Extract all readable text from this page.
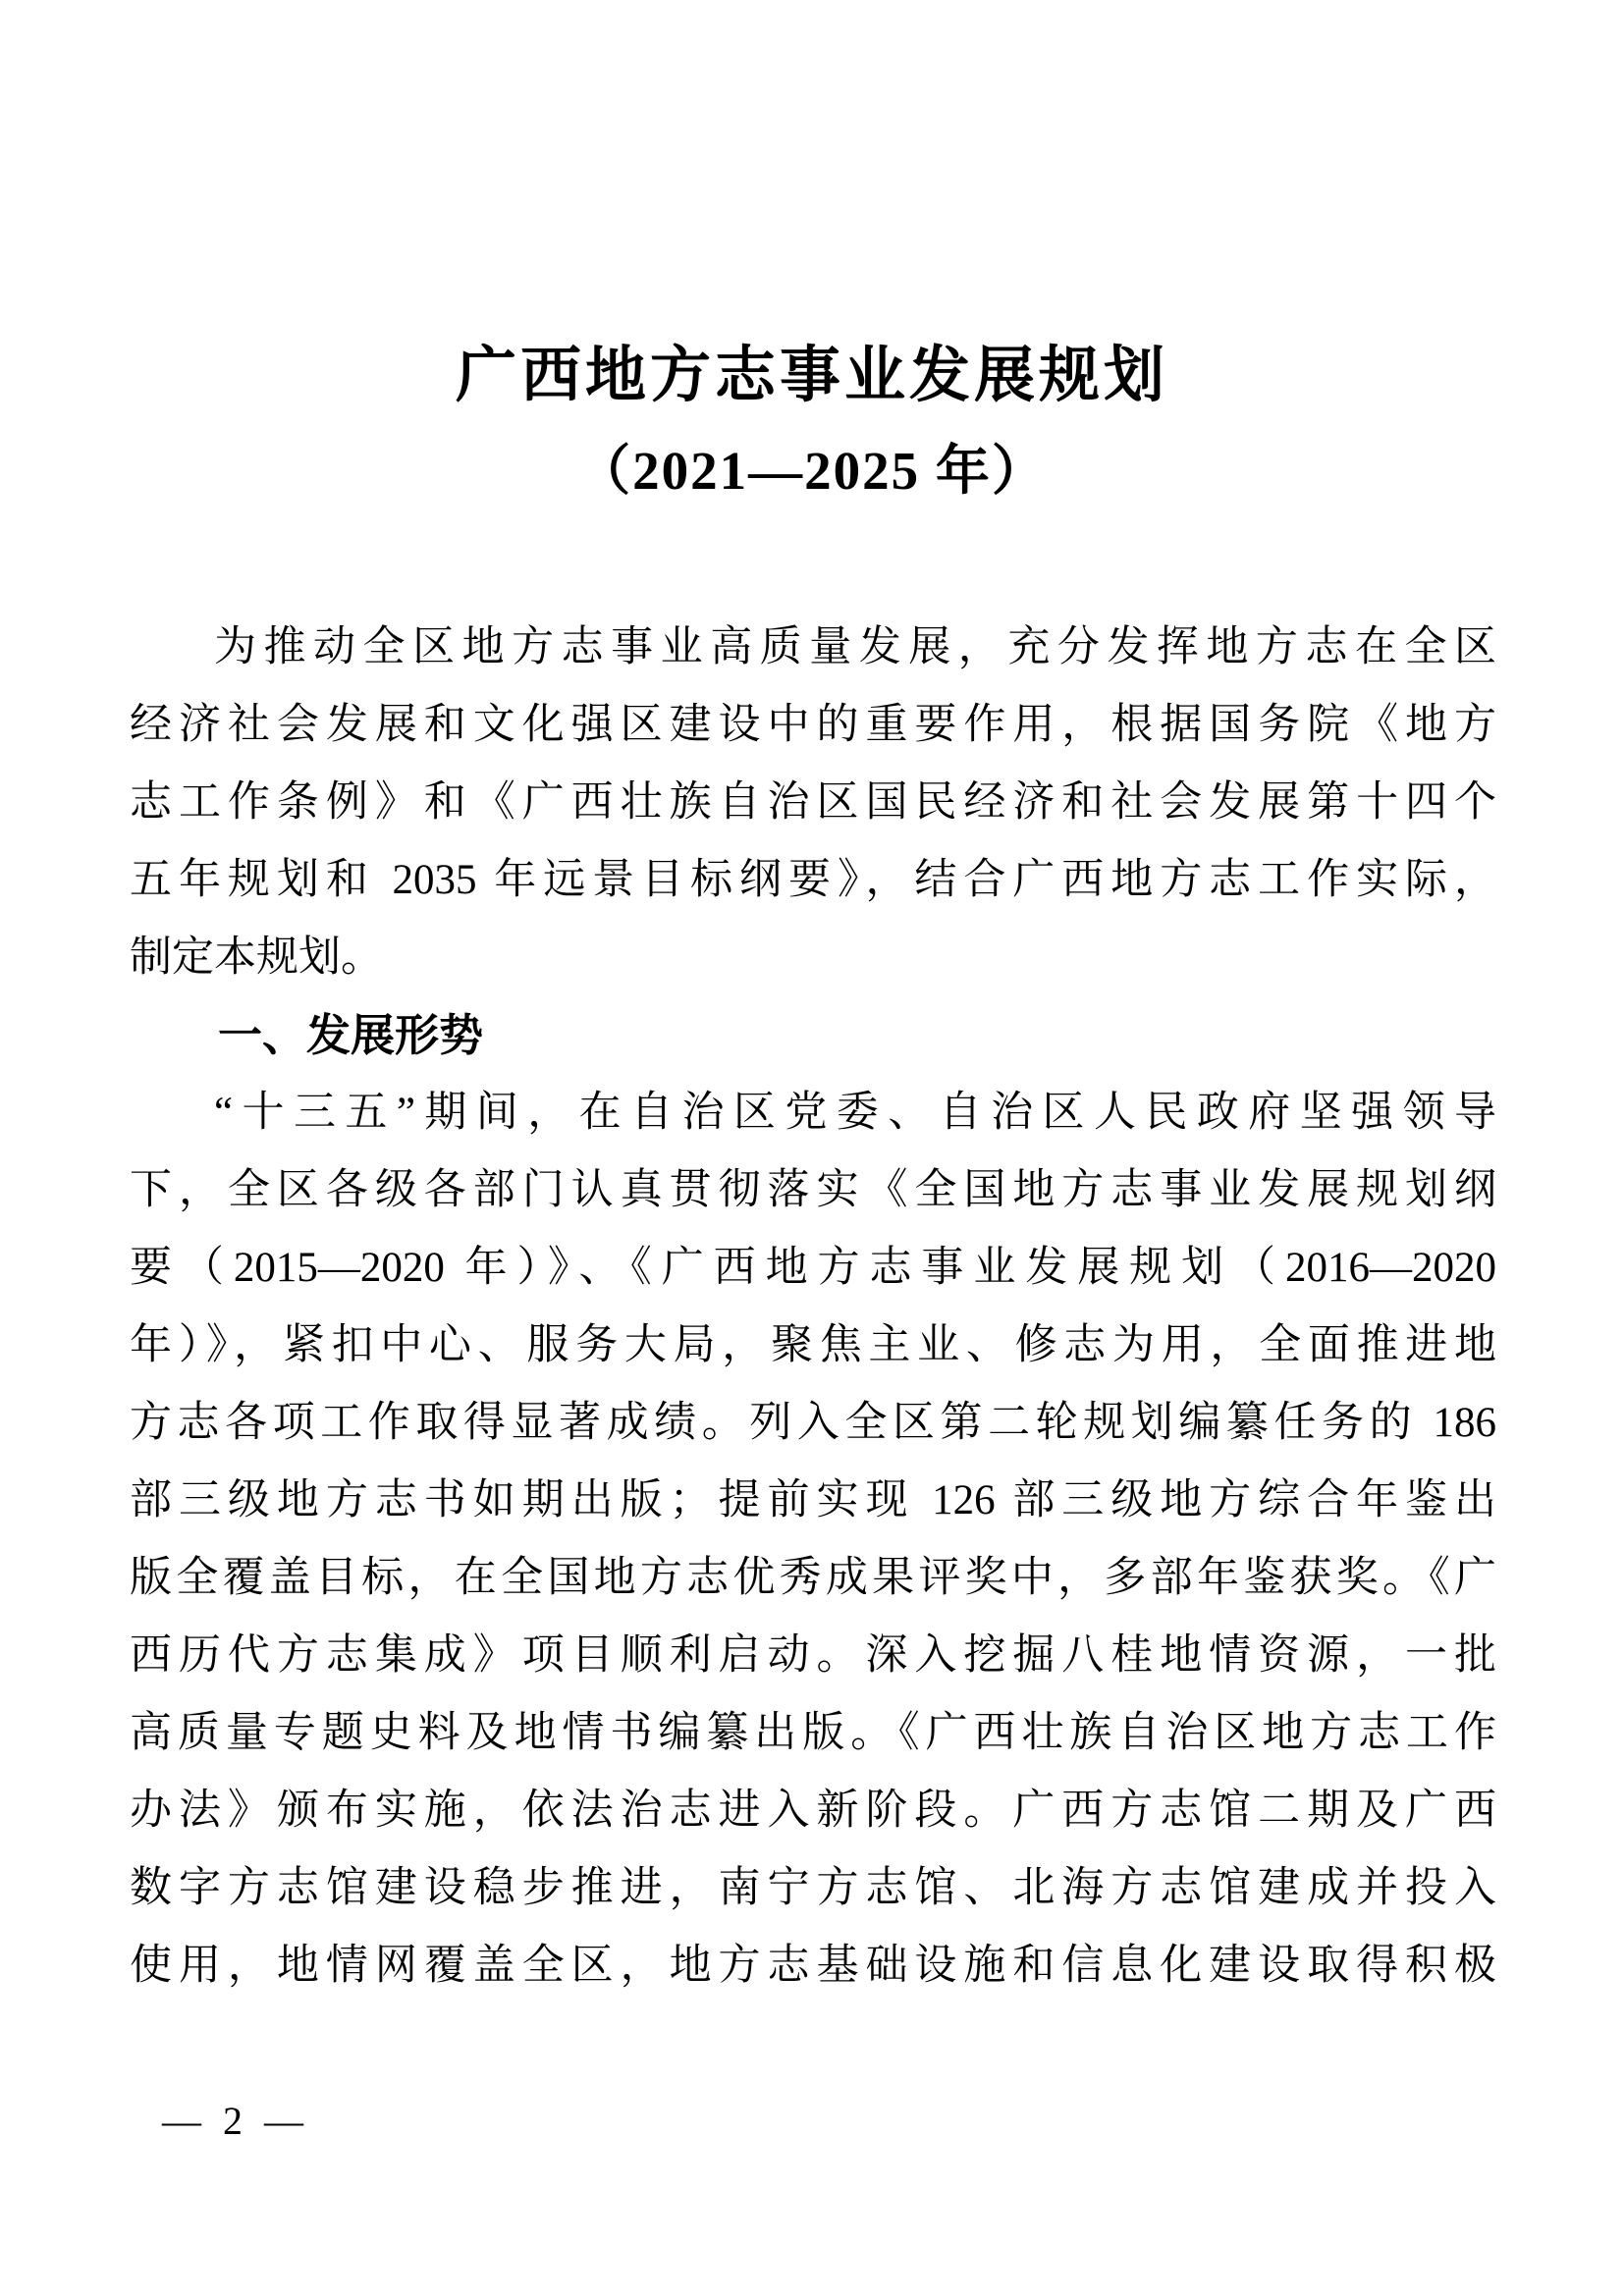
广西地方志事业发展规划
（2021—2025 年）
为推动全区地方志事业高质量发展，充分发挥地方志在全区
经济社会发展和文化强区建设中的重要作用，根据国务院《地方
志工作条例》和《广西壮族自治区国民经济和社会发展第十四个
五年规划和 2035 年远景目标纲要》，结合广西地方志工作实际，
制定本规划。
一、发展形势
“十三五”期间，在自治区党委、自治区人民政府坚强领导
下，全区各级各部门认真贯彻落实《全国地方志事业发展规划纲
要（2015—2020 年）》、《广西地方志事业发展规划（2016—2020
年）》，紧扣中心、服务大局，聚焦主业、修志为用，全面推进地
方志各项工作取得显著成绩。列入全区第二轮规划编纂任务的 186
部三级地方志书如期出版；提前实现 126 部三级地方综合年鉴出
版全覆盖目标，在全国地方志优秀成果评奖中，多部年鉴获奖。《广
西历代方志集成》项目顺利启动。深入挖掘八桂地情资源，一批
高质量专题史料及地情书编纂出版。《广西壮族自治区地方志工作
办法》颁布实施，依法治志进入新阶段。广西方志馆二期及广西
数字方志馆建设稳步推进，南宁方志馆、北海方志馆建成并投入
使用，地情网覆盖全区，地方志基础设施和信息化建设取得积极
— 2 —
